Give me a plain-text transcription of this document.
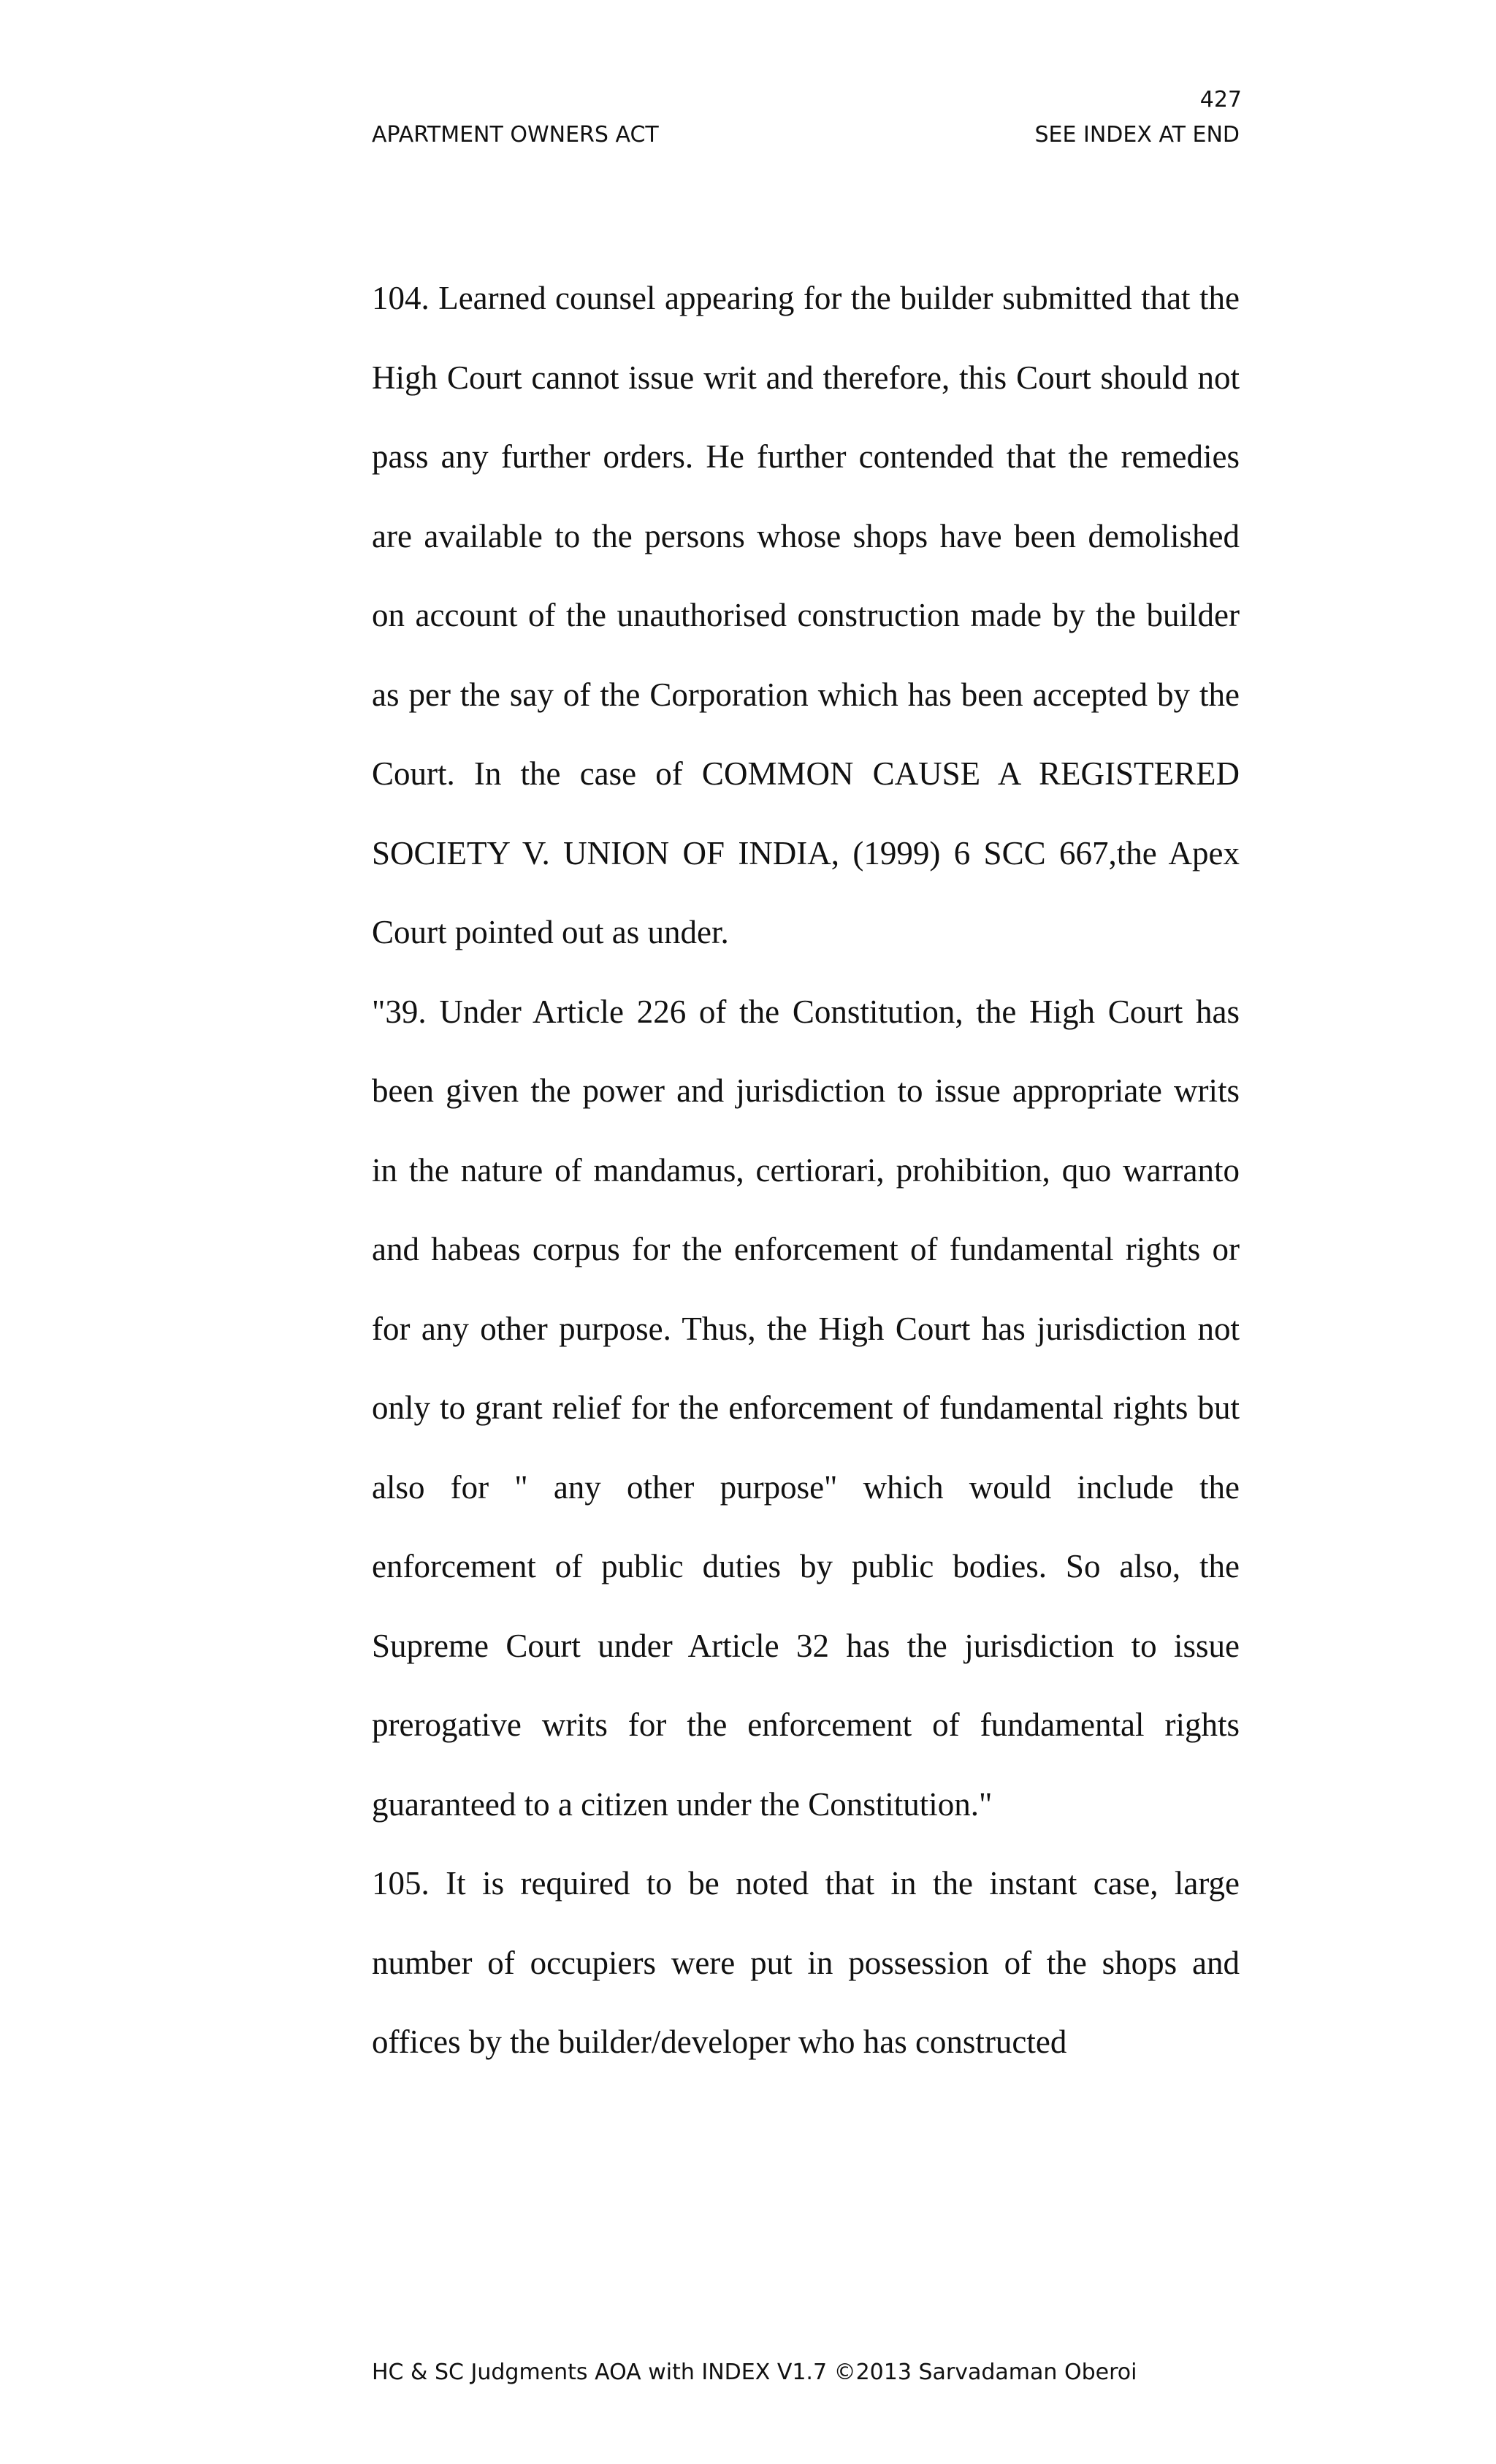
427
APARTMENT OWNERS ACT	SEE INDEX AT END

104. Learned counsel appearing for the builder submitted that the High Court cannot issue writ and therefore, this Court should not pass any further orders. He further contended that the remedies are available to the persons whose shops have been demolished on account of the unauthorised construction made by the builder as per the say of the Corporation which has been accepted by the Court. In the case of COMMON CAUSE A REGISTERED SOCIETY V. UNION OF INDIA, (1999) 6 SCC 667,the Apex Court pointed out as under.

"39. Under Article 226 of the Constitution, the High Court has been given the power and jurisdiction to issue appropriate writs in the nature of mandamus, certiorari, prohibition, quo warranto and habeas corpus for the enforcement of fundamental rights or for any other purpose. Thus, the High Court has jurisdiction not only to grant relief for the enforcement of fundamental rights but also for " any other purpose" which would include the enforcement of public duties by public bodies. So also, the Supreme Court under Article 32 has the jurisdiction to issue prerogative writs for the enforcement of fundamental rights guaranteed to a citizen under the Constitution."

105. It is required to be noted that in the instant case, large number of occupiers were put in possession of the shops and offices by the builder/developer who has constructed

HC & SC Judgments AOA with INDEX V1.7 ©2013 Sarvadaman Oberoi
